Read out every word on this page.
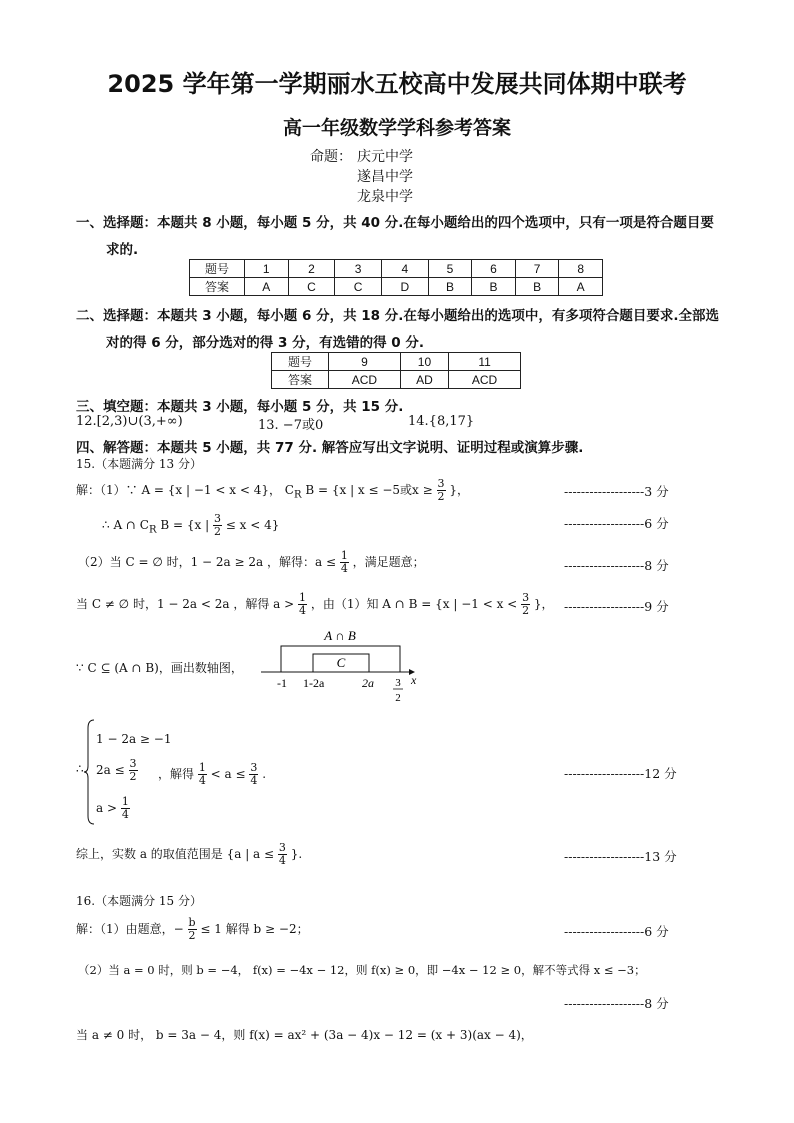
2025 学年第一学期丽水五校高中发展共同体期中联考
高一年级数学学科参考答案
命题： 庆元中学
遂昌中学
龙泉中学
一、选择题：本题共 8 小题，每小题 5 分，共 40 分.在每小题给出的四个选项中，只有一项是符合题目要
求的.
题号	1	2	3	4	5	6	7	8
答案	A	C	C	D	B	B	B	A
二、选择题：本题共 3 小题，每小题 6 分，共 18 分.在每小题给出的选项中，有多项符合题目要求.全部选
对的得 6 分，部分选对的得 3 分，有选错的得 0 分.
题号	9	10	11
答案	ACD	AD	ACD
三、填空题：本题共 3 小题，每小题 5 分，共 15 分.
12.[2,3)∪(3,+∞)	13. −7或0	14.{8,17}
四、解答题：本题共 5 小题，共 77 分. 解答应写出文字说明、证明过程或演算步骤.
15.（本题满分 13 分）
解：（1）∵ A = {x | −1 < x < 4}， $C_R$ B = {x | x ≤ −5或$x \ge \frac{3}{2}$ }，	-------------------3 分
∴ A ∩ $C_R$ B = {x | $\frac{3}{2} \le x < 4$}	-------------------6 分
（2）当 C = ∅ 时，1 − 2a ≥ 2a ，解得：$a \le \frac{1}{4}$ ，满足题意；	-------------------8 分
当 C ≠ ∅ 时，1 − 2a < 2a ，解得 $a > \frac{1}{4}$ ，由（1）知 A ∩ B = {x | $-1 < x < \frac{3}{2}$ }， -------------------9 分
∵ C ⊆ (A ∩ B)，画出数轴图，
A ∩ B
C
-1 1-2a	2a 3
2
x
∴
1 − 2a ≥ −1
$2a \le \frac{3}{2}$
$a > \frac{1}{4}$
，解得 $\frac{1}{4} < a \le \frac{3}{4}$ .	-------------------12 分
综上，实数 a 的取值范围是 {a | $a \le \frac{3}{4}$ }.	-------------------13 分
16.（本题满分 15 分）
解：（1）由题意，− $\frac{b}{2} \le 1$ 解得 b ≥ −2；	-------------------6 分
（2）当 a = 0 时，则 b = −4， f(x) = −4x − 12，则 f(x) ≥ 0，即 −4x − 12 ≥ 0，解不等式得 x ≤ −3；
-------------------8 分
当 a ≠ 0 时， b = 3a − 4，则 f(x) = ax² + (3a − 4)x − 12 = (x + 3)(ax − 4)，
